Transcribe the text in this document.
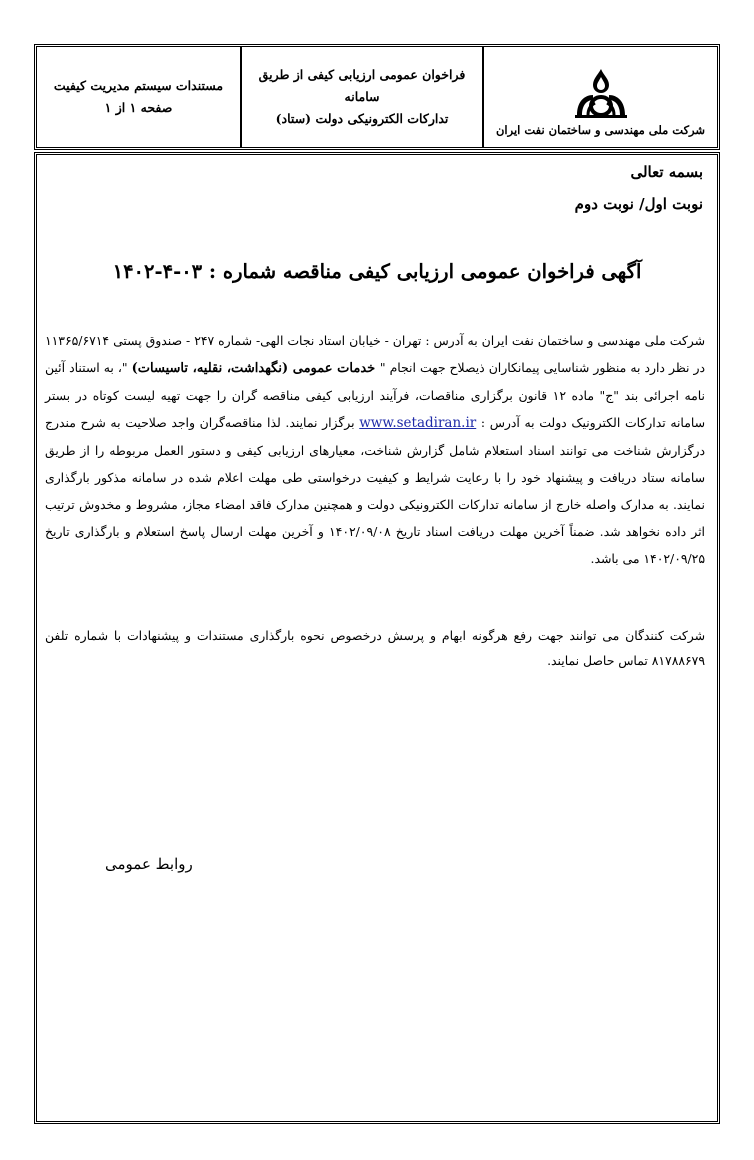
مستندات سیستم مدیریت کیفیت
صفحه ۱ از ۱
فراخوان عمومی ارزیابی کیفی از طریق سامانه
تدارکات الکترونیکی دولت (ستاد)
شرکت ملی مهندسی و ساختمان نفت ایران
بسمه تعالی
نوبت اول/ نوبت دوم
آگهی فراخوان عمومی ارزیابی کیفی مناقصه شماره : ۰۳-۴-۱۴۰۲
شرکت ملی مهندسی و ساختمان نفت ایران به آدرس : تهران - خیابان استاد نجات الهی- شماره ۲۴۷ - صندوق پستی ۱۱۳۶۵/۶۷۱۴ در نظر دارد به منظور شناسایی پیمانکاران ذیصلاح جهت انجام " خدمات عمومی (نگهداشت، نقلیه، تاسیسات) "، به استناد آئین نامه اجرائی بند "ج" ماده ۱۲ قانون برگزاری مناقصات، فرآیند ارزیابی کیفی مناقصه گران را جهت تهیه لیست کوتاه در بستر سامانه تدارکات الکترونیک دولت به آدرس : www.setadiran.ir برگزار نمایند. لذا مناقصه‌گران واجد صلاحیت به شرح مندرج درگزارش شناخت می توانند اسناد استعلام شامل گزارش شناخت، معیارهای ارزیابی کیفی و دستور العمل مربوطه را از طریق سامانه ستاد دریافت و پیشنهاد خود را با رعایت شرایط و کیفیت درخواستی طی مهلت اعلام شده در سامانه مذکور بارگذاری نمایند. به مدارک واصله خارج از سامانه تدارکات الکترونیکی دولت و همچنین مدارک فاقد امضاء مجاز، مشروط و مخدوش ترتیب اثر داده نخواهد شد. ضمناً آخرین مهلت دریافت اسناد تاریخ ۱۴۰۲/۰۹/۰۸ و آخرین مهلت ارسال پاسخ استعلام و بارگذاری تاریخ ۱۴۰۲/۰۹/۲۵ می باشد.
شرکت کنندگان می توانند جهت رفع هرگونه ابهام و پرسش درخصوص نحوه بارگذاری مستندات و پیشنهادات با شماره تلفن ۸۱۷۸۸۶۷۹ تماس حاصل نمایند.
روابط عمومی
